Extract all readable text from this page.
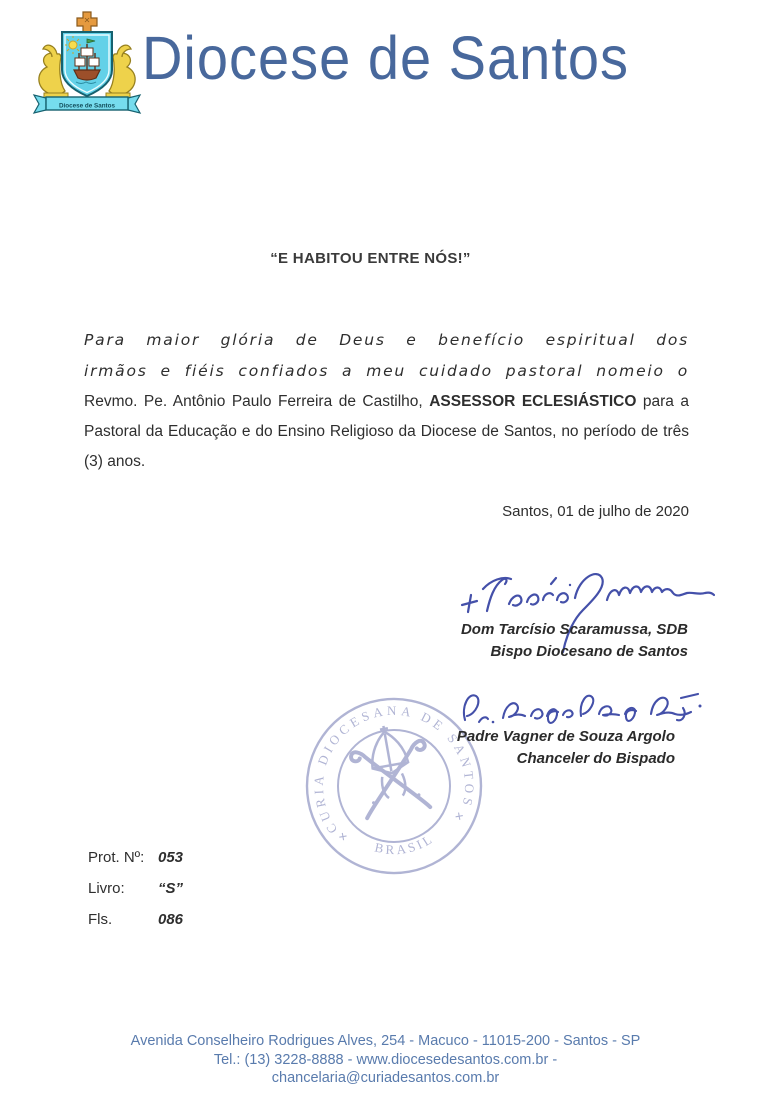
Diocese de Santos
Diocese de Santos
“E HABITOU ENTRE NÓS!”

Para maior glória de Deus e benefício espiritual dos irmãos e fiéis confiados a meu cuidado pastoral nomeio o Revmo. Pe. Antônio Paulo Ferreira de Castilho, ASSESSOR ECLESIÁSTICO para a Pastoral da Educação e do Ensino Religioso da Diocese de Santos, no período de três (3) anos.

Santos, 01 de julho de 2020
Dom Tarcísio Scaramussa, SDB
Bispo Diocesano de Santos
CURIA DIOCESANA DE SANTOS
BRASIL
+
+
Padre Vagner de Souza Argolo
Chanceler do Bispado
Prot. Nº: 053
Livro:	“S”
Fls.	086
Avenida Conselheiro Rodrigues Alves, 254 - Macuco - 11015-200 - Santos - SP
Tel.: (13) 3228-8888 - www.diocesedesantos.com.br -
chancelaria@curiadesantos.com.br
